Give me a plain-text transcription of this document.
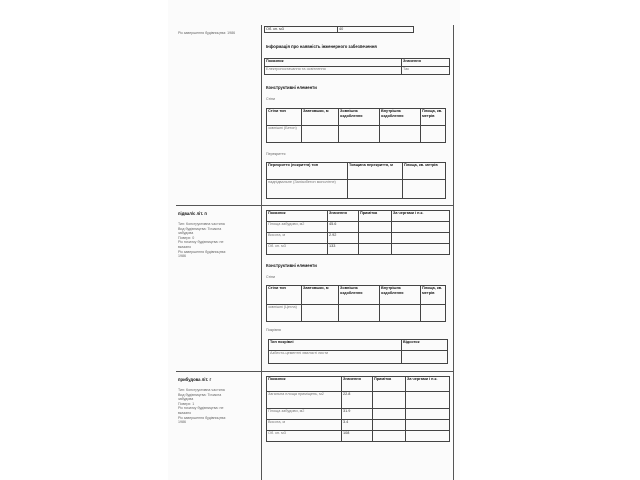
Рік завершення будівництва: 1986
підвал/с літ. п
Тип: Конструктивна частина
Вид будівництва: Тичасна
забудова
Поверх: 0
Рік початку будівництва: не
вказано
Рік завершення будівництва:
1986
прибудова літ. г
Тип: Конструктивна частина
Вид будівництва: Тичасна
забудова
Поверх: 1
Рік початку будівництва: не
вказано
Рік завершення будівництва:
1986
Об. кн. м3	40
Інформація про наявність інженерного забезпечення
Показник	Значення
Електропостачання та освітлення	Так
Конструктивні елементи
Стіни
Стіни тип	Завтовшки, м	Зовнішнє оздоблення	Внутрішнє оздоблення	Площа, кв. метрів
зовнішні (Бетон)				
Перекриття
Перекриття (покриття) тип	Товщина перекриття, м	Площа, кв. метрів
надпідвальне (Залізобетон монолітне)		
Показник	Значення	Примітка	За чергами і п.к.
Площа забудови, м2	45.6		
Висота, м	2.92		
Об. кн. м3	133		
Конструктивні елементи
Стіни
Стіни тип	Завтовшки, м	Зовнішнє оздоблення	Внутрішнє оздоблення	Площа, кв. метрів
зовнішні (Цегла)				
Покрівля
Тип покрівлі	Відсоток
Азбесто-цементні хвилясті листи	
Показник	Значення	Примітка	За чергами і п.к.
Загальна площа приміщень, м2	22.8		
Площа забудови, м2	31.9		
Висота, м	3.4		
Об. кн. м3	108		
